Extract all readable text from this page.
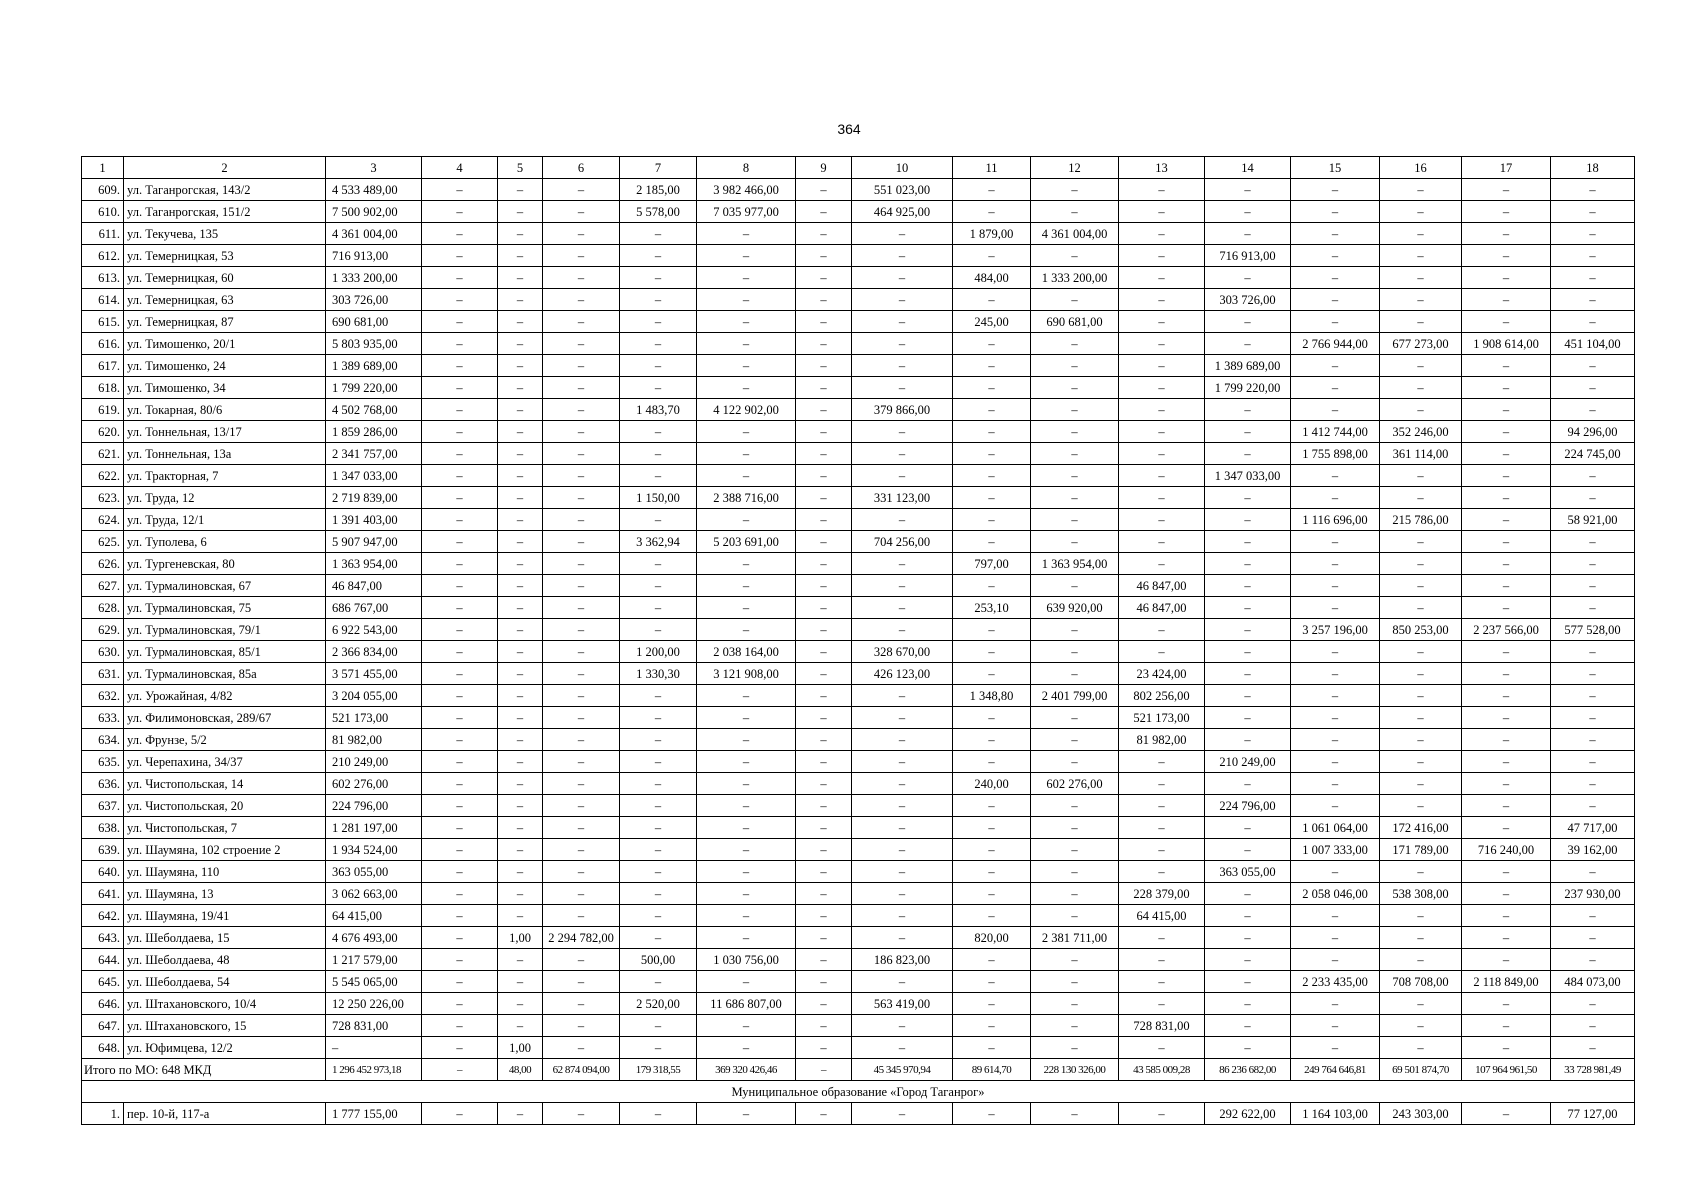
364
1	2	3	4	5	6	7	8	9	10	11	12	13	14	15	16	17	18
609.	ул. Таганрогская, 143/2	4 533 489,00	–	–	–	2 185,00	3 982 466,00	–	551 023,00	–	–	–	–	–	–	–	–
610.	ул. Таганрогская, 151/2	7 500 902,00	–	–	–	5 578,00	7 035 977,00	–	464 925,00	–	–	–	–	–	–	–	–
611.	ул. Текучева, 135	4 361 004,00	–	–	–	–	–	–	–	1 879,00	4 361 004,00	–	–	–	–	–	–
612.	ул. Темерницкая, 53	716 913,00	–	–	–	–	–	–	–	–	–	–	716 913,00	–	–	–	–
613.	ул. Темерницкая, 60	1 333 200,00	–	–	–	–	–	–	–	484,00	1 333 200,00	–	–	–	–	–	–
614.	ул. Темерницкая, 63	303 726,00	–	–	–	–	–	–	–	–	–	–	303 726,00	–	–	–	–
615.	ул. Темерницкая, 87	690 681,00	–	–	–	–	–	–	–	245,00	690 681,00	–	–	–	–	–	–
616.	ул. Тимошенко, 20/1	5 803 935,00	–	–	–	–	–	–	–	–	–	–	–	2 766 944,00	677 273,00	1 908 614,00	451 104,00
617.	ул. Тимошенко, 24	1 389 689,00	–	–	–	–	–	–	–	–	–	–	1 389 689,00	–	–	–	–
618.	ул. Тимошенко, 34	1 799 220,00	–	–	–	–	–	–	–	–	–	–	1 799 220,00	–	–	–	–
619.	ул. Токарная, 80/6	4 502 768,00	–	–	–	1 483,70	4 122 902,00	–	379 866,00	–	–	–	–	–	–	–	–
620.	ул. Тоннельная, 13/17	1 859 286,00	–	–	–	–	–	–	–	–	–	–	–	1 412 744,00	352 246,00	–	94 296,00
621.	ул. Тоннельная, 13а	2 341 757,00	–	–	–	–	–	–	–	–	–	–	–	1 755 898,00	361 114,00	–	224 745,00
622.	ул. Тракторная, 7	1 347 033,00	–	–	–	–	–	–	–	–	–	–	1 347 033,00	–	–	–	–
623.	ул. Труда, 12	2 719 839,00	–	–	–	1 150,00	2 388 716,00	–	331 123,00	–	–	–	–	–	–	–	–
624.	ул. Труда, 12/1	1 391 403,00	–	–	–	–	–	–	–	–	–	–	–	1 116 696,00	215 786,00	–	58 921,00
625.	ул. Туполева, 6	5 907 947,00	–	–	–	3 362,94	5 203 691,00	–	704 256,00	–	–	–	–	–	–	–	–
626.	ул. Тургеневская, 80	1 363 954,00	–	–	–	–	–	–	–	797,00	1 363 954,00	–	–	–	–	–	–
627.	ул. Турмалиновская, 67	46 847,00	–	–	–	–	–	–	–	–	–	46 847,00	–	–	–	–	–
628.	ул. Турмалиновская, 75	686 767,00	–	–	–	–	–	–	–	253,10	639 920,00	46 847,00	–	–	–	–	–
629.	ул. Турмалиновская, 79/1	6 922 543,00	–	–	–	–	–	–	–	–	–	–	–	3 257 196,00	850 253,00	2 237 566,00	577 528,00
630.	ул. Турмалиновская, 85/1	2 366 834,00	–	–	–	1 200,00	2 038 164,00	–	328 670,00	–	–	–	–	–	–	–	–
631.	ул. Турмалиновская, 85а	3 571 455,00	–	–	–	1 330,30	3 121 908,00	–	426 123,00	–	–	23 424,00	–	–	–	–	–
632.	ул. Урожайная, 4/82	3 204 055,00	–	–	–	–	–	–	–	1 348,80	2 401 799,00	802 256,00	–	–	–	–	–
633.	ул. Филимоновская, 289/67	521 173,00	–	–	–	–	–	–	–	–	–	521 173,00	–	–	–	–	–
634.	ул. Фрунзе, 5/2	81 982,00	–	–	–	–	–	–	–	–	–	81 982,00	–	–	–	–	–
635.	ул. Черепахина, 34/37	210 249,00	–	–	–	–	–	–	–	–	–	–	210 249,00	–	–	–	–
636.	ул. Чистопольская, 14	602 276,00	–	–	–	–	–	–	–	240,00	602 276,00	–	–	–	–	–	–
637.	ул. Чистопольская, 20	224 796,00	–	–	–	–	–	–	–	–	–	–	224 796,00	–	–	–	–
638.	ул. Чистопольская, 7	1 281 197,00	–	–	–	–	–	–	–	–	–	–	–	1 061 064,00	172 416,00	–	47 717,00
639.	ул. Шаумяна, 102 строение 2	1 934 524,00	–	–	–	–	–	–	–	–	–	–	–	1 007 333,00	171 789,00	716 240,00	39 162,00
640.	ул. Шаумяна, 110	363 055,00	–	–	–	–	–	–	–	–	–	–	363 055,00	–	–	–	–
641.	ул. Шаумяна, 13	3 062 663,00	–	–	–	–	–	–	–	–	–	228 379,00	–	2 058 046,00	538 308,00	–	237 930,00
642.	ул. Шаумяна, 19/41	64 415,00	–	–	–	–	–	–	–	–	–	64 415,00	–	–	–	–	–
643.	ул. Шеболдаева, 15	4 676 493,00	–	1,00	2 294 782,00	–	–	–	–	820,00	2 381 711,00	–	–	–	–	–	–
644.	ул. Шеболдаева, 48	1 217 579,00	–	–	–	500,00	1 030 756,00	–	186 823,00	–	–	–	–	–	–	–	–
645.	ул. Шеболдаева, 54	5 545 065,00	–	–	–	–	–	–	–	–	–	–	–	2 233 435,00	708 708,00	2 118 849,00	484 073,00
646.	ул. Штахановского, 10/4	12 250 226,00	–	–	–	2 520,00	11 686 807,00	–	563 419,00	–	–	–	–	–	–	–	–
647.	ул. Штахановского, 15	728 831,00	–	–	–	–	–	–	–	–	–	728 831,00	–	–	–	–	–
648.	ул. Юфимцева, 12/2	–	–	1,00	–	–	–	–	–	–	–	–	–	–	–	–	–
Итого по МО: 648 МКД		1 296 452 973,18	–	48,00	62 874 094,00	179 318,55	369 320 426,46	–	45 345 970,94	89 614,70	228 130 326,00	43 585 009,28	86 236 682,00	249 764 646,81	69 501 874,70	107 964 961,50	33 728 981,49
Муниципальное образование «Город Таганрог»																	
1.	пер. 10-й, 117-а	1 777 155,00	–	–	–	–	–	–	–	–	–	–	292 622,00	1 164 103,00	243 303,00	–	77 127,00
